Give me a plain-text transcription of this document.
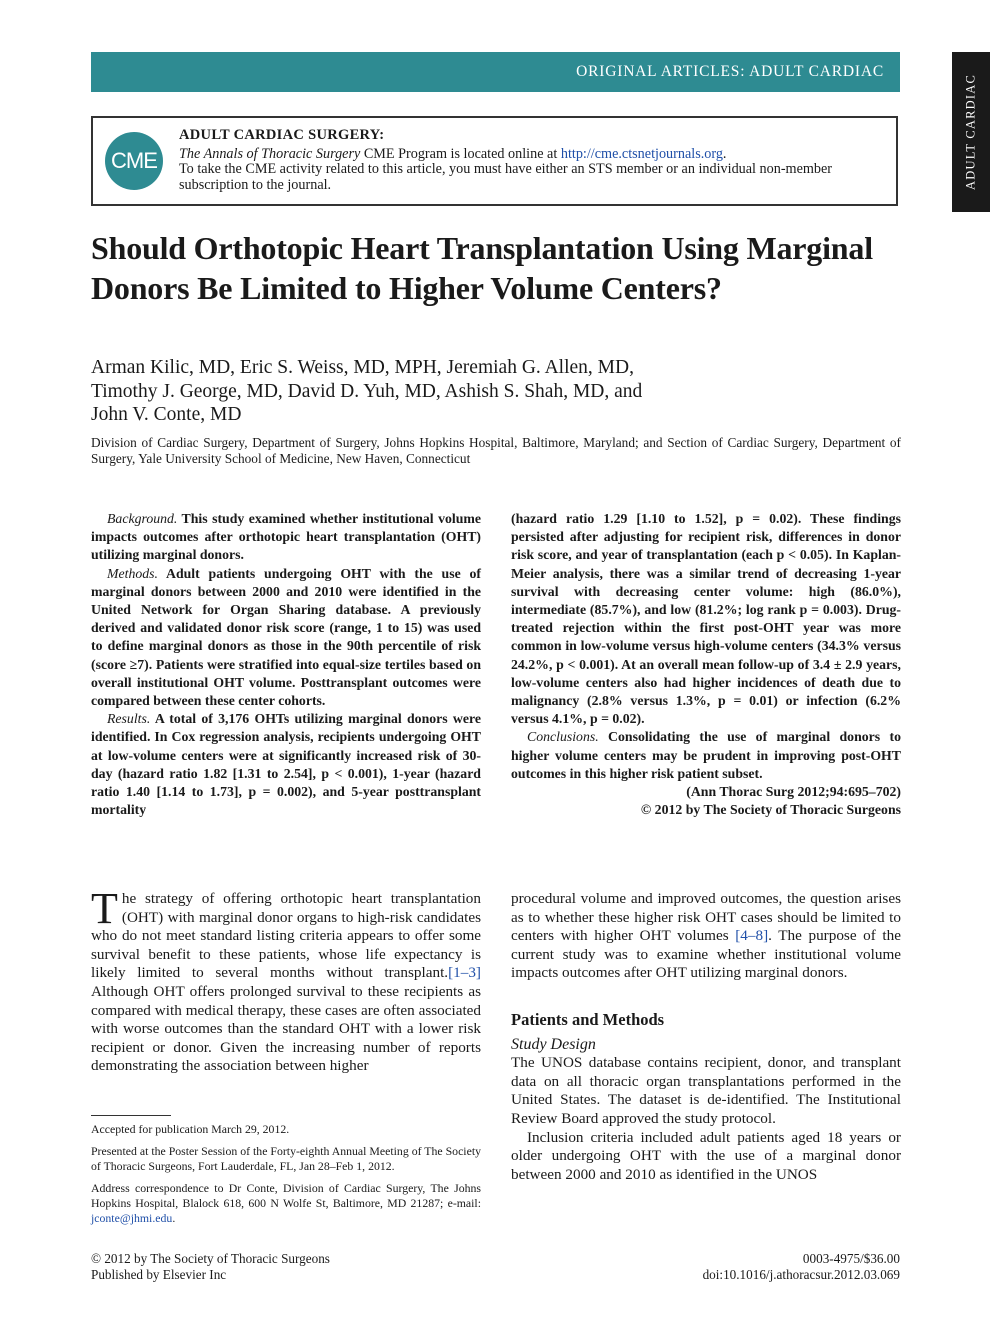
ORIGINAL ARTICLES: ADULT CARDIAC
ADULT CARDIAC
CME
ADULT CARDIAC SURGERY:
The Annals of Thoracic Surgery CME Program is located online at http://cme.ctsnetjournals.org.
To take the CME activity related to this article, you must have either an STS member or an individual non-member subscription to the journal.
Should Orthotopic Heart Transplantation Using Marginal Donors Be Limited to Higher Volume Centers?
Arman Kilic, MD, Eric S. Weiss, MD, MPH, Jeremiah G. Allen, MD,
Timothy J. George, MD, David D. Yuh, MD, Ashish S. Shah, MD, and
John V. Conte, MD
Division of Cardiac Surgery, Department of Surgery, Johns Hopkins Hospital, Baltimore, Maryland; and Section of Cardiac Surgery, Department of Surgery, Yale University School of Medicine, New Haven, Connecticut

Background. This study examined whether institutional volume impacts outcomes after orthotopic heart transplantation (OHT) utilizing marginal donors.

Methods. Adult patients undergoing OHT with the use of marginal donors between 2000 and 2010 were identified in the United Network for Organ Sharing database. A previously derived and validated donor risk score (range, 1 to 15) was used to define marginal donors as those in the 90th percentile of risk (score ≥7). Patients were stratified into equal-size tertiles based on overall institutional OHT volume. Posttransplant outcomes were compared between these center cohorts.

Results. A total of 3,176 OHTs utilizing marginal donors were identified. In Cox regression analysis, recipients undergoing OHT at low-volume centers were at significantly increased risk of 30-day (hazard ratio 1.82 [1.31 to 2.54], p < 0.001), 1-year (hazard ratio 1.40 [1.14 to 1.73], p = 0.002), and 5-year posttransplant mortality

(hazard ratio 1.29 [1.10 to 1.52], p = 0.02). These findings persisted after adjusting for recipient risk, differences in donor risk score, and year of transplantation (each p < 0.05). In Kaplan-Meier analysis, there was a similar trend of decreasing 1-year survival with decreasing center volume: high (86.0%), intermediate (85.7%), and low (81.2%; log rank p = 0.003). Drug-treated rejection within the first post-OHT year was more common in low-volume versus high-volume centers (34.3% versus 24.2%, p < 0.001). At an overall mean follow-up of 3.4 ± 2.9 years, low-volume centers also had higher incidences of death due to malignancy (2.8% versus 1.3%, p = 0.01) or infection (6.2% versus 4.1%, p = 0.02).

Conclusions. Consolidating the use of marginal donors to higher volume centers may be prudent in improving post-OHT outcomes in this higher risk patient subset.

(Ann Thorac Surg 2012;94:695–702)
© 2012 by The Society of Thoracic Surgeons

The strategy of offering orthotopic heart transplantation (OHT) with marginal donor organs to high-risk candidates who do not meet standard listing criteria appears to offer some survival benefit to these patients, whose life expectancy is likely limited to several months without transplant.[1–3] Although OHT offers prolonged survival to these recipients as compared with medical therapy, these cases are often associated with worse outcomes than the standard OHT with a lower risk recipient or donor. Given the increasing number of reports demonstrating the association between higher

procedural volume and improved outcomes, the question arises as to whether these higher risk OHT cases should be limited to centers with higher OHT volumes [4–8]. The purpose of the current study was to examine whether institutional volume impacts outcomes after OHT utilizing marginal donors.

Patients and Methods

Study Design

The UNOS database contains recipient, donor, and transplant data on all thoracic organ transplantations performed in the United States. The dataset is de-identified. The Institutional Review Board approved the study protocol.

Inclusion criteria included adult patients aged 18 years or older undergoing OHT with the use of a marginal donor between 2000 and 2010 as identified in the UNOS

Accepted for publication March 29, 2012.

Presented at the Poster Session of the Forty-eighth Annual Meeting of The Society of Thoracic Surgeons, Fort Lauderdale, FL, Jan 28–Feb 1, 2012.

Address correspondence to Dr Conte, Division of Cardiac Surgery, The Johns Hopkins Hospital, Blalock 618, 600 N Wolfe St, Baltimore, MD 21287; e-mail: jconte@jhmi.edu.

© 2012 by The Society of Thoracic Surgeons
Published by Elsevier Inc
0003-4975/$36.00
doi:10.1016/j.athoracsur.2012.03.069
